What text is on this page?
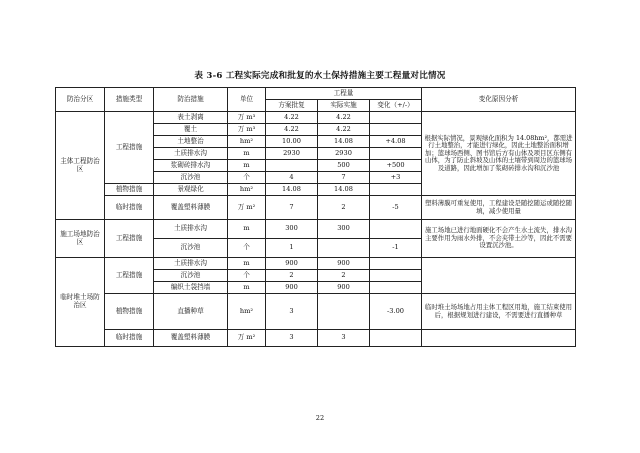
表 3-6 工程实际完成和批复的水土保持措施主要工程量对比情况
防治分区	措施类型	防治措施	单位	工程量			变化原因分析
				方案批复	实际实施	变化（+/-）	
主体工程防治区	工程措施	表土剥离	万 m³	4.22	4.22		根据实际情况，景观绿化面积为 14.08hm²，都需进行土地整治，才能进行绿化，因此土地整治面积增加；篮球场西侧、图书馆后方有山体及项目区东侧有山体，为了防止斜坡及山体的土壤带到周边的篮球场及道路，因此增加了浆砌砖排水沟和沉沙池
		覆土	万 m³	4.22	4.22		
		土地整治	hm²	10.00	14.08	+4.08	
		土质排水沟	m	2930	2930		
		浆砌砖排水沟	m		500	+500	
		沉沙池	个	4	7	+3	
	植物措施	景观绿化	hm²	14.08	14.08		
	临时措施	覆盖塑料薄膜	万 m²	7	2	-5	塑料薄膜可重复使用，工程建设是随挖随运或随挖随填，减少使用量
施工场地防治区	工程措施	土质排水沟	m	300	300		施工场地已进行地面硬化不会产生水土流失，排水沟主要作用为雨水外排，不会夹带土沙等，因此不需要设置沉沙池。
		沉沙池	个	1		-1	
临时堆土场防治区	工程措施	土质排水沟	m	900	900		
		沉沙池	个	2	2		
		编织土袋挡墙	m	900	900		
	植物措施	直播种草	hm²	3		-3.00	临时堆土场场地占用主体工程区用地，施工结束使用后，根据规划进行建设，不需要进行直播种草
	临时措施	覆盖塑料薄膜	万 m²	3	3		
22
